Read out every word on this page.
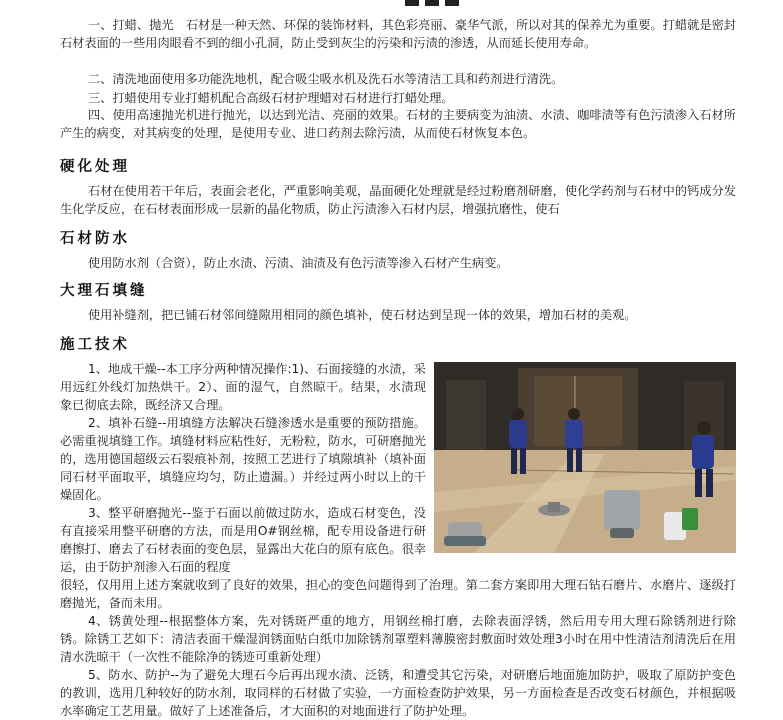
一、打蜡、抛光　石材是一种天然、环保的装饰材料，其色彩亮丽、豪华气派，所以对其的保养尤为重要。打蜡就是密封石材表面的一些用肉眼看不到的细小孔洞，防止受到灰尘的污染和污渍的渗透，从而延长使用寿命。

二、清洗地面使用多功能洗地机，配合吸尘吸水机及洗石水等清洁工具和药剂进行清洗。

三、打蜡使用专业打蜡机配合高级石材护理蜡对石材进行打蜡处理。

四、使用高速抛光机进行抛光，以达到光洁、亮丽的效果。石材的主要病变为油渍、水渍、咖啡渍等有色污渍渗入石材所产生的病变，对其病变的处理，是使用专业、进口药剂去除污渍，从而使石材恢复本色。

硬化处理

石材在使用若干年后，表面会老化，严重影响美观，晶面硬化处理就是经过粉磨剂研磨，使化学药剂与石材中的钙成分发生化学反应，在石材表面形成一层新的晶化物质，防止污渍渗入石材内层，增强抗磨性，使石

石材防水

使用防水剂（合资），防止水渍、污渍、油渍及有色污渍等渗入石材产生病变。

大理石填缝

使用补缝剂，把已铺石材邻间缝隙用相同的颜色填补，使石材达到呈现一体的效果，增加石材的美观。

施工技术

1、地成干燥--本工序分两种情况操作:1)、石面接缝的水渍，采用远红外线灯加热烘干。2）、面的湿气，自然晾干。结果，水渍现象已彻底去除，既经济又合理。

2、填补石缝--用填缝方法解决石缝渗透水是重要的预防措施。必需重视填缝工作。填缝材料应粘性好，无粉粒，防水，可研磨抛光的，选用德国超级云石裂痕补剂，按照工艺进行了填隙填补（填补面同石材平面取平，填缝应均匀，防止遗漏。）并经过两小时以上的干燥固化。

3、整平研磨抛光--鉴于石面以前做过防水，造成石材变色，没有直接采用整平研磨的方法，而是用O#钢丝棉，配专用设备进行研磨擦打、磨去了石材表面的变色层，显露出大花白的原有底色。很幸运，由于防护剂渗入石面的程度

很轻，仅用用上述方案就收到了良好的效果，担心的变色问题得到了治理。第二套方案即用大理石钻石磨片、水磨片、逐级打磨抛光，备而未用。

4、锈黄处理--根据整体方案，先对锈斑严重的地方，用钢丝棉打磨，去除表面浮锈，然后用专用大理石除锈剂进行除锈。除锈工艺如下：清洁表面干燥湿润锈面贴白纸巾加除锈剂罩塑料薄膜密封敷面时效处理3小时在用中性清洁剂清洗后在用清水洗晾干（一次性不能除净的锈迹可重新处理）

5、防水、防护--为了避免大理石今后再出现水渍、泛锈，和遭受其它污染，对研磨后地面施加防护，吸取了原防护变色的教训，选用几种较好的防水剂，取同样的石材做了实验，一方面检查防护效果，另一方面检查是否改变石材颜色，并根据吸水率确定工艺用量。做好了上述准备后，才大面积的对地面进行了防护处理。
